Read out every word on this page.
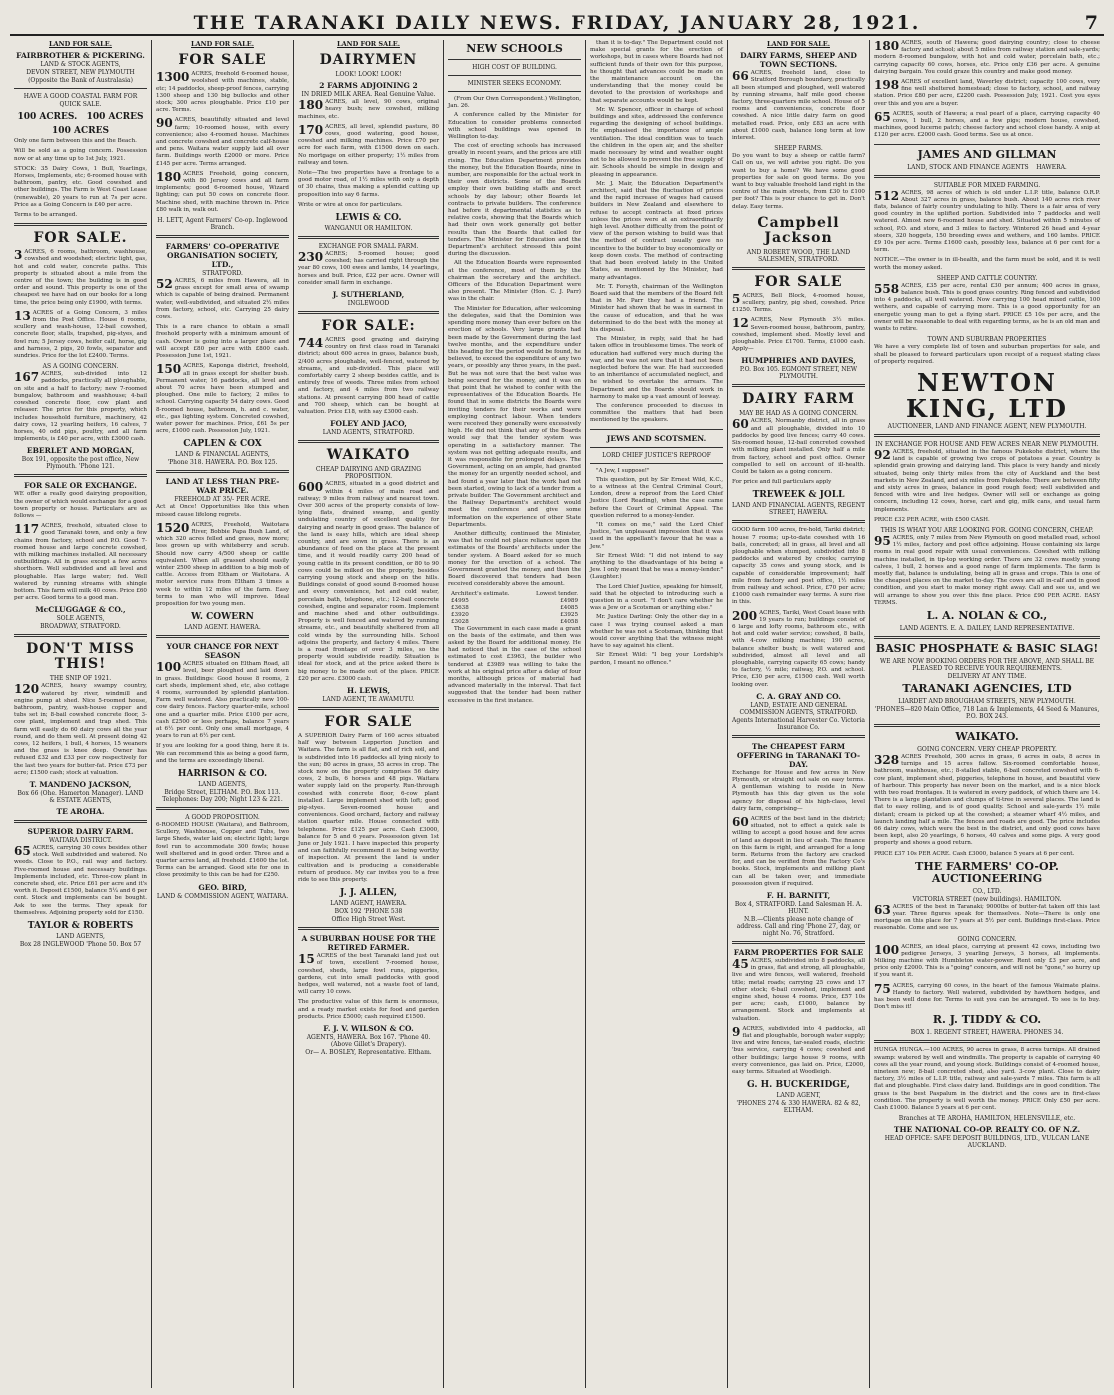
THE TARANAKI DAILY NEWS. FRIDAY, JANUARY 28, 1921.	7
LAND FOR SALE.
FAIRBROTHER & PICKERING.
LAND & STOCK AGENTS,
DEVON STREET, NEW PLYMOUTH
(Opposite the Bank of Australasia)
HAVE A GOOD COASTAL FARM FOR
QUICK SALE.
100 ACRES. 100 ACRES
100 ACRES

Only one farm between this and the Beach.

Will be sold as a going concern. Possession now or at any time up to 1st July, 1921.

STOCK: 35 Dairy Cows, 1 Bull, Yearlings, Horses, Implements, etc; 6-roomed house with bathroom, pantry, etc. Good cowshed and other buildings. The Farm is West Coast Lease (renewable), 20 years to run at 7s per acre. Price as a Going Concern is £40 per acre.

Terms to be arranged.

FOR SALE.

3 ACRES, 6 rooms, bathroom, washhouse, cowshed and woodshed; electric light, gas, hot and cold water, concrete paths. This property is situated about a mile from the centre of the town; the building is in good order and sound. This property is one of the cheapest we have had on our books for a long time, the price being only £1900, with terms.

13 ACRES of a Going Concern, 3 miles from the Post Office. House 6 rooms, scullery and wash-house, 12-bail cowshed, concrete floor, stalls, trapshed, pig-styes, and fowl run; 5 Jersey cows, heifer calf, horse, gig and harness, 2 pigs, 20 fowls, separator and sundries. Price for the lot £2400. Terms.

AS A GOING CONCERN.

167 ACRES, sub-divided into 12 paddocks, practically all ploughable, on site and a half to factory; new 7-roomed bungalow, bathroom and washhouse; 4-bail cowshed concrete floor, cow plant and releaser. The price for this property, which includes household furniture, machinery, 42 dairy cows, 12 yearling heifers, 16 calves, 7 horses, 40 odd pigs, poultry, and all farm implements, is £40 per acre, with £3000 cash.

EBERLET AND MORGAN,
Box 191, opposite the post office, New Plymouth. 'Phone 121.
FOR SALE OR EXCHANGE.

WE offer a really good dairying proposition, the owner of which would exchange for a good town property or house. Particulars are as follows —

117 ACRES, freehold, situated close to good Taranaki town, and only a few chains from factory, school and P.O. Good 7-roomed house and large concrete cowshed, with milking machines installed. All necessary outbuildings. All in grass except a few acres shorthorn. Well subdivided and all level and ploughable. Has large water; fed. Well watered by running streams with shingle bottom. This farm will milk 40 cows. Price £60 per acre. Good terms to a good man.

McCLUGGAGE & CO.,
SOLE AGENTS,
BROADWAY, STRATFORD.
DON'T MISS THIS!
THE SNIP OF 1921.

120 ACRES, heavy swampy country, watered by river, windmill and engine pump at shed. Nice 5-roomed house, bathroom, pantry, wash-house copper and tubs set in; 8-bail cowshed concrete floor, 3-cow plant, implement and trap shed. This farm will easily do 60 dairy cows all the year round, and do them well. At present doing 42 cows, 12 heifers, 1 bull, 4 horses, 15 weaners and the grass is knee deep. Owner has refused £32 and £33 per cow respectively for the last two years for butter-fat. Price £73 per acre; £1500 cash; stock at valuation.

T. MANDENO JACKSON,
Box 66 (Ohe. Hamerton Manager). LAND & ESTATE AGENTS,
TE AROHA.
SUPERIOR DAIRY FARM.
WAITARA DISTRICT.

65 ACRES, carrying 30 cows besides other stock. Well subdivided and watered. No weeds. Close to P.O., rail way and factory. Five-roomed house and necessary buildings. Implements included, etc. Three-cow plant in concrete shed, etc. Price £61 per acre and it's worth it. Deposit £1500, balance 5¼ and 6 per cent. Stock and implements can be bought. Ask to see the terms. They speak for themselves. Adjoining property sold for £150.

TAYLOR & ROBERTS
LAND AGENTS,
Box 28 INGLEWOOD 'Phone 50. Box 57
LAND FOR SALE.
FOR SALE

1300 ACRES, freehold 6-roomed house, woolshed with machines, stable, etc; 14 paddocks, sheep-proof fences, carrying 1300 sheep and 130 big bullocks and other stock; 300 acres ploughable. Price £10 per acre. Terms.

90 ACRES, beautifully situated and level farm; 10-roomed house, with every convenience; also 4-roomed house. Machines and concrete cowshed and concrete calf-house and pens. Waitara water supply laid all over farm. Buildings worth £2000 or more. Price £145 per acre. Terms arranged.

180 ACRES Freehold, going concern, with 80 Jersey cows and all farm implements; good 6-roomed house, Wizard lighting; can put 50 cows on concrete floor. Machine shed, with machine thrown in. Price £80 walk in, walk out.

H. LETT, Agent Farmers' Co-op. Inglewood Branch.
FARMERS' CO-OPERATIVE ORGANISATION SOCIETY, LTD.,
STRATFORD.

52 ACRES, 6 miles from Hawera, all in grass except for small area of swamp which is capable of being drained. Permanent water, well-subdivided, and situated 2½ miles from factory, school, etc. Carrying 25 dairy cows.

This is a rare chance to obtain a small freehold property with a minimum amount of cash. Owner is going into a larger place and will accept £80 per acre with £800 cash. Possession June 1st, 1921.

150 ACRES, Kaponga district, freehold, all in grass except for shelter bush. Permanent water, 16 paddocks, all level and about 70 acres have been stumped and ploughed. One mile to factory, 2 miles to school. Carrying capacity 54 dairy cows. Good 8-roomed house, bathroom, h. and c. water, etc., gas lighting system. Concreted cowshed, water power for machines. Price, £61 5s per acre, £1000 cash. Possession July, 1921.

CAPLEN & COX
LAND & FINANCIAL AGENTS,
'Phone 318. HAWERA. P.O. Box 125.
LAND AT LESS THAN PRE-WAR PRICE.
FREEHOLD AT 35/- PER ACRE.

Act at Once! Opportunities like this when missed cause lifelong regrets.

1520 ACRES, Freehold, Waitotara River, Bobbie Papa Bush Land, of which 320 acres felled and grass, now more; less grown up with whiteberry and scrub. Should now carry 4/500 sheep or cattle equivalent. When all grassed should easily winter 2500 sheep in addition to a big mob of cattle. Access from Eltham or Waitotara. A motor service runs from Eltham 3 times a week to within 12 miles of the farm. Easy terms to man who will improve. Ideal proposition for two young men.

W. COWERN
LAND AGENT. HAWERA.
YOUR CHANCE FOR NEXT SEASON

100 ACRES situated on Eltham Road, all level, beer ploughed and laid down in grass. Buildings: Good house 8 rooms, 2 cart sheds, implement shed, etc, also cottage 4 rooms, surrounded by splendid plantation. Farm well watered. Also practically new 100-cow dairy fences. Factory quarter-mile, school one and a quarter mile. Price £100 per acre, cash £2500 or less perhaps, balance 7 years at 6½ per cent. Only one small mortgage, 4 years to run at 6½ per cent.

If you are looking for a good thing, here it is. We can recommend this as being a good farm, and the terms are exceedingly liberal.

HARRISON & CO.
LAND AGENTS,
Bridge Street, ELTHAM. P.O. Box 113. Telephones: Day 200; Night 123 & 221.
A GOOD PROPOSITION.

6-ROOMED HOUSE (Waitara), and Bathroom, Scullery, Washhouse, Copper and Tubs, two large Sheds, water laid on; electric light; large fowl run to accommodate 300 fowls; house well sheltered and in good order. Three and a quarter acres land, all freehold. £1600 the lot. Terms can be arranged. Good site for one in close proximity to this can be had for £250.

GEO. BIRD,
LAND & COMMISSION AGENT, WAITARA.
LAND FOR SALE.
DAIRYMEN
LOOK! LOOK! LOOK!
2 FARMS ADJOINING 2
IN DRIED MILK AREA. Real Genuine Value.

180 ACRES, all level, 90 cows, original heavy bush; new cowshed, milking machines, etc.

170 ACRES, all level, splendid pasture, 80 cows, good watering, good house, cowshed and milking machines. Price £70 per acre for each farm, with £1500 down on each. No mortgage on either property; 1½ miles from railway and town.

Note—The two properties have a frontage to a good motor road, of 1½ miles with only a depth of 30 chains, thus making a splendid cutting up proposition into say 6 farms.

Write or wire at once for particulars.

LEWIS & CO.
WANGANUI OR HAMILTON.
EXCHANGE FOR SMALL FARM.

230 ACRES; 5-roomed house; good cowshed; has carried right through the year 80 cows, 100 ewes and lambs, 14 yearlings, horses and bull. Price, £22 per acre. Owner will consider small farm in exchange.

J. SUTHERLAND,
INGLEWOOD
FOR SALE:

744 ACRES good grazing and dairying country on first class road in Taranaki district; about 600 acres in grass, balance bush, 2/400 acres ploughable, well-fenced, watered by streams, and sub-divided. This place will comfortably carry 2 sheep besides cattle, and is entirely free of weeds. Three miles from school and factory, and 4 miles from two railway stations. At present carrying 800 head of cattle and 700 sheep, which can be bought at valuation. Price £18, with say £3000 cash.

FOLEY AND JACO,
LAND AGENTS, STRATFORD.
WAIKATO
CHEAP DAIRYING AND GRAZING PROPOSITION.

600 ACRES, situated in a good district and within 4 miles of main road and railway; 9 miles from railway and nearest town. Over 300 acres of the property consists of low-lying flats, drained swamp, and gently undulating country of excellent quality for dairying and nearly in good grass. The balance of the land is easy hills, which are ideal sheep country, and are sown in grass. There is an abundance of feed on the place at the present time, and it would readily carry 200 head of young cattle in its present condition, or 80 to 90 cows could be milked on the property, besides carrying young stock and sheep on the hills. Buildings consist of good sound 8-roomed house and every convenience, hot and cold water, porcelain bath, telephone, etc.; 12-bail concrete cowshed, engine and separator room. Implement and machine shed and other outbuildings. Property is well fenced and watered by running streams, etc., and beautifully sheltered from all cold winds by the surrounding hills. School adjoins the property, and factory 4 miles. There is a road frontage of over 3 miles, so the property would subdivide readily. Situation is ideal for stock, and at the price asked there is big money to be made out of the place. PRICE £20 per acre. £3000 cash.

H. LEWIS,
LAND AGENT, TE AWAMUTU.
FOR SALE

A SUPERIOR Dairy Farm of 160 acres situated half way between Lepperton Junction and Waitara. The farm is all flat, and of rich soil, and is subdivided into 16 paddocks all lying nicely to the sun; 80 acres in grass, 55 acres in crop. The stock now on the property comprises 56 dairy cows, 2 bulls, 6 horses and 48 pigs. Waitara water supply laid on the property. Run-through cowshed with concrete floor, 6-cow plant installed. Large implement shed with loft; good pig-styes. Seven-roomed house and conveniences. Good orchard, factory and railway station quarter mile. House connected with telephone. Price £125 per acre. Cash £3000, balance for 5 and 6 years. Possession given 1st June or July 1921. I have inspected this property and can faithfully recommend it as being worthy of inspection. At present the land is under cultivation and is producing a considerable return of produce. My car invites you to a free ride to see this property.

J. J. ALLEN,
LAND AGENT, HAWERA.
BOX 192 'PHONE 538
Office High Street West.
A SUBURBAN HOUSE FOR THE RETIRED FARMER.

15 ACRES of the best Taranaki land just out of town, excellent 7-roomed house, cowshed, sheds, large fowl runs, piggeries, gardens, cut into small paddocks with good hedges, well watered, not a waste foot of land, will carry 10 cows.

The productive value of this farm is enormous, and a ready market exists for food and garden products. Price £5000; cash required £1500.

F. J. V. WILSON & CO.
AGENTS, HAWERA. Box 167. 'Phone 40. (Above Gillet's Drapery).
Or— A. BOSLEY, Representative. Eltham.
NEW SCHOOLS
HIGH COST OF BUILDING.
MINISTER SEEKS ECONOMY.

(From Our Own Correspondent.) Wellington, Jan. 26.

A conference called by the Minister for Education to consider problems connected with school buildings was opened in Wellington to-day.

The cost of erecting schools has increased greatly in recent years, and the prices are still rising. The Education Department provides the money, but the Education Boards, nine in number, are responsible for the actual work in their own districts. Some of the Boards employ their own building staffs and erect schools by day labour; other Boards let contracts to private builders. The conference had before it departmental statistics as to relative costs, showing that the Boards which had their own work generally got better results than the Boards that called for tenders. The Minister for Education and the Department's architect stressed this point during the discussion.

All the Education Boards were represented at the conference, most of them by the chairman the secretary and the architect. Officers of the Education Department were also present. The Minister (Hon. C. J. Parr) was in the chair.

The Minister for Education, after welcoming the delegates, said that the Dominion was spending more money than ever before on the erection of schools. Very large grants had been made by the Government during the last twelve months, and the expenditure under this heading for the period would be found, he believed, to exceed the expenditure of any two years, or possibly any three years, in the past. But he was not sure that the best value was being secured for the money, and it was on that point that he wished to confer with the representatives of the Education Boards. He found that in some districts the Boards were inviting tenders for their works and were employing contract labour. When tenders were received they generally were excessively high. He did not think that any of the Boards would say that the tender system was operating in a satisfactory manner. The system was not getting adequate results, and it was responsible for prolonged delays. The Government, acting on an ample, had granted the money for an urgently needed school, and had found a year later that the work had not been started, owing to lack of a tender from a private builder. The Government architect and the Railway Department's architect would meet the conference and give some information on the experience of other State Departments.

Another difficulty, continued the Minister, was that he could not place reliance upon the estimates of the Boards' architects under the tender system. A Board asked for so much money for the erection of a school. The Government granted the money, and then the Board discovered that tenders had been received considerably above the amount.

Architect's estimate.	Lowest tender.
£4995	£4989
£3638	£4085
£3920	£3925
£3028	£4058

The Government in each case made a grant on the basis of the estimate, and then was asked by the Board for additional money. He had noticed that in the case of the school estimated to cost £3963, the builder who tendered at £3989 was willing to take the work at his original price after a delay of four months, although prices of material had advanced materially in the interval. That fact suggested that the tender had been rather excessive in the first instance.

than it is to-day." The Department could not make special grants for the erection of workshops, but in cases where Boards had not sufficient funds of their own for this purpose, he thought that advances could be made on the maintenance account on the understanding that the money could be devoted to the provision of workshops and that separate accounts would be kept.

Mr. W. Spencer, officer in charge of school buildings and sites, addressed the conference regarding the designing of school buildings. He emphasised the importance of ample ventilation. The ideal condition was to teach the children in the open air, and the shelter made necessary by wind and weather ought not to be allowed to prevent the free supply of air. Schools should be simple in design and pleasing in appearance.

Mr. J. Mair, the Education Department's architect, said that the fluctuation of prices and the rapid increase of wages had caused builders in New Zealand and elsewhere to refuse to accept contracts at fixed prices unless the prices were at an extraordinarily high level. Another difficulty from the point of view of the person wishing to build was that the method of contract usually gave no incentive to the builder to buy economically or keep down costs. The method of contracting that had been evolved lately in the United States, as mentioned by the Minister, had many advantages.

Mr. T. Forsyth, chairman of the Wellington Board said that the members of the Board felt that in Mr. Parr they had a friend. The Minister had shown that he was in earnest in the cause of education, and that he was determined to do the best with the money at his disposal.

The Minister, in reply, said that he had taken office in troublesome times. The work of education had suffered very much during the war, and he was not sure that it had not been neglected before the war. He had succeeded to an inheritance of accumulated neglect, and he wished to overtake the arrears. The Department and the Boards should work in harmony to make up a vast amount of leeway.

The conference proceeded to discuss in committee the matters that had been mentioned by the speakers.

JEWS AND SCOTSMEN.
LORD CHIEF JUSTICE'S REPROOF

"A Jew, I suppose!"

This question, put by Sir Ernest Wild, K.C., to a witness at the Central Criminal Court, London, drew a reproof from the Lord Chief Justice (Lord Reading), when the case came before the Court of Criminal Appeal. The question referred to a money-lender.

"It comes on me," said the Lord Chief Justice, "an unpleasant impression that it was used in the appellant's favour that he was a Jew."

Sir Ernest Wild: "I did not intend to say anything to the disadvantage of his being a Jew. I only meant that he was a money-lender." (Laughter.)

The Lord Chief Justice, speaking for himself, said that he objected to introducing such a question in a court. "I don't care whether he was a Jew or a Scotsman or anything else."

Mr. Justice Darling: Only the other day in a case I was trying counsel asked a man whether he was not a Scotsman, thinking that would cover anything that the witness might have to say against his client.

Sir Ernest Wild: "I beg your Lordship's pardon, I meant no offence."

LAND FOR SALE.
DAIRY FARMS, SHEEP AND TOWN SECTIONS.

66 ACRES, freehold land, close to Stratford Borough boundary, practically all been stumped and ploughed, well watered by running streams, half mile good cheese factory, three-quarters mile school. House of 5 rooms and conveniences, concrete floor cowshed. A nice little dairy farm on good metalled road. Price, only £83 an acre with about £1000 cash, balance long term at low interest.

SHEEP FARMS.

Do you want to buy a sheep or cattle farm? Call on us, we will advise you right. Do you want to buy a home? We have some good properties for sale on good terms. Do you want to buy valuable freehold land right in the centre of the main streets, from £30 to £100 per foot? This is your chance to get in. Don't delay. Easy terms.

Campbell Jackson
AND ROBERT WOOD, THE LAND SALESMEN, STRATFORD.
FOR SALE

5 ACRES, Bell Block, 4-roomed house, scullery, pantry, pig shed, cowshed. Price £1250. Terms.

12 ACRES, New Plymouth 3½ miles. Seven-roomed house, bathroom, pantry, cowshed, implement shed. Mostly level and ploughable. Price £1700. Terms, £1000 cash. Apply—

HUMPHRIES AND DAVIES,
P.O. Box 105. EGMONT STREET, NEW PLYMOUTH.
DAIRY FARM
MAY BE HAD AS A GOING CONCERN.

60 ACRES, Normanby district, all in grass and all ploughable, divided into 10 paddocks by good live fences; carry 40 cows. Six-roomed house, 12-bail concreted cowshed with milking plant installed. Only half a mile from factory, school and post office. Owner compelled to sell on account of ill-health. Could be taken as a going concern.

For price and full particulars apply

TREWEEK & JOLL
LAND AND FINANCIAL AGENTS, REGENT STREET, HAWERA.

GOOD farm 100 acres, fre-hold, Tariki district; house 7 rooms; up-to-date cowshed with 16 bails, concreted; all in grass, all level and all ploughable when stumped, subdivided into 8 paddocks and watered by creeks; carrying capacity 35 cows and young stock, and is capable of considerable improvement; half mile from factory and post office, 1½ miles from railway and school. Price, £70 per acre; £1000 cash remainder easy terms. A sure rise in this.

200 ACRES, Tariki, West Coast lease with 19 years to run; buildings consist of 6 large and lofty rooms, bathroom etc., with hot and cold water service; cowshed, 8 bails, with 4-cow milking machine; 190 acres, balance shelter bush; is well watered and subdivided, almost all level and all ploughable, carrying capacity 65 cows; handy to factory, ½ mile; railway, P.O. and school. Price, £30 per acre, £1500 cash. Well worth looking over.

C. A. GRAY AND CO.
LAND, ESTATE AND GENERAL COMMISSION AGENTS, STRATFORD.
Agents International Harvester Co. Victoria Insurance Co.
The CHEAPEST FARM OFFERING in TARANAKI TO-DAY.

Exchange for House and few acres in New Plymouth, or straight out sale on easy terms. A gentleman wishing to reside in New Plymouth has this day given us the sole agency for disposal of his high-class, level dairy farm, comprising—

60 ACRES of the best land in the district; situated, not to effect a quick sale is willing to accept a good house and few acres of land as deposit in lieu of cash. The finance on this farm is right, and arranged for a long term. Returns from the factory are cracked for, and can be verified from the Factory Co's books. Stock, implements and milking plant can all be taken over, and immediate possession given if required.

F. H. BARNITT,
Box 4, STRATFORD. Land Salesman H. A. HUNT.
N.B.—Clients please note change of address. Call and ring 'Phone 27, day, or night No. 76, Stratford.
FARM PROPERTIES FOR SALE

45 ACRES, subdivided into 8 paddocks, all in grass, flat and strong, all ploughable, live and wire fences, well watered, freehold title; metal roads; carrying 25 cows and 17 other stock; 6-bail cowshed, implement and engine shed, house 4 rooms. Price, £57 10s per acre; cash, £1000, balance by arrangement. Stock and implements at valuation.

9 ACRES, subdivided into 4 paddocks, all flat and ploughable, borough water supply; live and wire fences, tar-sealed roads, electric 'bus service, carrying 4 cows; cowshed and other buildings; large house 9 rooms, with every convenience, gas laid on. Price, £2000, easy terms. Situated at Woodleigh.

G. H. BUCKERIDGE,
LAND AGENT,
'PHONES 274 & 330 HAWERA. 82 & 82, ELTHAM.

180 ACRES, south of Hawera; good dairying country; close to cheese factory and school; about 5 miles from railway station and sale-yards; modern 8-roomed bungalow, with hot and cold water, porcelain bath, etc.; carrying capacity 60 cows, horses, etc. Price only £36 per acre. A genuine dairying bargain. You could graze this country and make good money.

198 ACRES of excellent land, Waverley district; capacity 100 cows, very fine well sheltered homestead; close to factory, school, and railway station. Price £80 per acre, £2200 cash. Possession July, 1921. Cost you eyes over this and you are a buyer.

65 ACRES, south of Hawera; a real pearl of a place, carrying capacity 40 cows, 1 bull, 2 horses, and a few pigs; modern house, cowshed, machines, good lucerne patch; cheese factory and school close handy. A snip at £120 per acre. £2000 cash. Good terms. See us at once.

JAMES AND GILLMAN
LAND, STOCK AND FINANCE AGENTS HAWERA.
SUITABLE FOR MIXED FARMING.

512 ACRES, 98 acres of which is old under L.I.P. title, balance O.R.P. About 327 acres in grass, balance bush. About 140 acres rich river flats, balance of fairly country undulating to hilly. There is a fair area of very good country in the uplifted portion. Subdivided into 7 paddocks and well watered. Almost new 6-roomed house and shed. Situated within 5 minutes of school, P.O. and store, and 3 miles to factory. Wintered 26 head and 4-year steers, 320 hoggets, 150 breeding ewes and wethers, and 160 lambs. PRICE £9 10s per acre. Terms £1600 cash, possibly less, balance at 6 per cent for a term.

NOTICE.—The owner is in ill-health, and the farm must be sold, and it is well worth the money asked.

SHEEP AND CATTLE COUNTRY.

558 ACRES, £35 per acre, rental £30 per annum; 400 acres in grass, balance bush. This is good grass country. Ring fenced and subdivided into 4 paddocks, all well watered. Now carrying 100 head mixed cattle, 100 wethers, and capable of carrying more. This is a good opportunity for an energetic young man to get a flying start. PRICE £5 10s per acre, and the owner will be reasonable to deal with regarding terms, as he is an old man and wants to retire.

TOWN AND SUBURBAN PROPERTIES

We have a very complete list of town and suburban properties for sale, and shall be pleased to forward particulars upon receipt of a request stating class of property required.

NEWTON KING, LTD
AUCTIONEER, LAND AND FINANCE AGENT, NEW PLYMOUTH.
IN EXCHANGE FOR HOUSE AND FEW ACRES NEAR NEW PLYMOUTH.

92 ACRES, freehold, situated in the famous Pukekohe district, where the land is capable of growing two crops of potatoes a year. Country is splendid grain growing and dairying land. This place is very handy and nicely situated, being only thirty miles from the city of Auckland and the best markets in New Zealand, and six miles from Pukekohe. There are between fifty and sixty acres in grass, balance in good rough feed; well subdivided and fenced with wire and live hedges. Owner will sell or exchange as going concern, including 12 cows, horse, cart and gig, milk cans, and usual farm implements.

PRICE £32 PER ACRE, with £500 CASH.

THIS IS WHAT YOU ARE LOOKING FOR. GOING CONCERN, CHEAP.

95 ACRES, only 7 miles from New Plymouth on good metalled road, school 1½ miles, factory and post office adjoining. House containing six large rooms in real good repair with usual conveniences. Cowshed with milking machine installed, in tip-top working order. There are 32 cows mostly young calves, 1 bull, 2 horses and a good range of farm implements. The farm is mostly flat, balance is undulating, being all in grass and crops. This is one of the cheapest places on the market to-day. The cows are all in-calf and in good condition, and you start to make money right away. Call and see us, and we will arrange to show you over this fine place. Price £90 PER ACRE. EASY TERMS.

L. A. NOLAN & CO.,
LAND AGENTS. E. A. DAILEY, LAND REPRESENTATIVE.
BASIC PHOSPHATE & BASIC SLAG!
WE ARE NOW BOOKING ORDERS FOR THE ABOVE, AND SHALL BE PLEASED TO RECEIVE YOUR REQUIREMENTS.
DELIVERY AT ANY TIME.
TARANAKI AGENCIES, LTD
LIARDET AND BROUGHAM STREETS, NEW PLYMOUTH.
'PHONES—820 Main Office, 718 Lan & Implements, 44 Seed & Manures, P.O. BOX 243.
WAIKATO.
GOING CONCERN. VERY CHEAP PROPERTY.

328 ACRES Freehold, 300 acres in grass, 6 acres in oats, 8 acres in turnips and 15 acres fallow. Six-roomed comfortable house, bathroom, washhouse, etc.; 8-stalled stable, 6-bail concreted cowshed with 6-cow plant, implement shed, piggeries, telephone in house, and beautiful view of harbour. This property has never been on the market, and is a nice block with two road frontages. It is watered in every paddock, of which there are 14. There is a large plantation and clumps of ti-tree in several places. The land is flat to easy rolling, and is of good quality. School and sale-yards 1½ mile distant; cream is picked up at the cowshed; a steamer wharf 4½ miles, and launch landing half a mile. The fences and roads are good. The price includes 66 dairy cows, which were the best in the district, and only good cows have been kept, also 20 yearlings, 6 horses, 40 calves and some pigs. A very good property and shows a good return.

PRICE £37 10s PER ACRE. Cash £3000, balance 5 years at 6 per cent.

THE FARMERS' CO-OP. AUCTIONEERING
CO., LTD.
VICTORIA STREET (new buildings). HAMILTON.

63 ACRES of the best in Taranaki; 9000lbs of butter-fat taken off this last year. Three figures speak for themselves. Note—There is only one mortgage on this place for 7 years at 5½ per cent. Buildings first-class. Price reasonable. Come and see us.

GOING CONCERN.

100 ACRES, an ideal place, carrying at present 42 cows, including two pedigree Jerseys, 3 yearling Jerseys, 3 horses, all implements. Milking machine with Humbleton water-power. Rent only £3 per acre, and price only £2000. This is a "going" concern, and will not be "gone," so hurry up if you want it.

75 ACRES, carrying 60 cows, in the heart of the famous Waimate plains. Handy to factory. Well watered, subdivided by hawthorn hedges, and has been well done for. Terms to suit you can be arranged. To see is to buy. Don't miss it!

R. J. TIDDY & CO.
BOX 1. REGENT STREET, HAWERA. PHONES 34.

HUNGA HUNGA.—100 ACRES, 90 acres in grass, 8 acres turnips. All drained swamp: watered by well and windmills. The property is capable of carrying 40 cows all the year round, and young stock. Buildings consist of 4-roomed house, nineteen new; 8-bail concreted shed, also yard. 3-cow plant. Close to dairy factory, 3½ miles of L.I.P. title, railway and sale-yards 7 miles. This farm is all flat and ploughable. First class dairy land. Buildings are in good condition. The grass is the best Paspalum in the district and the cows are in first-class condition. The property is well worth the money. PRICE Only £50 per acre. Cash £1000. Balance 5 years at 6 per cent.

Branches at TE AROHA, HAMILTON, HELENSVILLE, etc.
THE NATIONAL CO-OP. REALTY CO. OF N.Z.
HEAD OFFICE: SAFE DEPOSIT BUILDINGS, LTD., VULCAN LANE AUCKLAND.
